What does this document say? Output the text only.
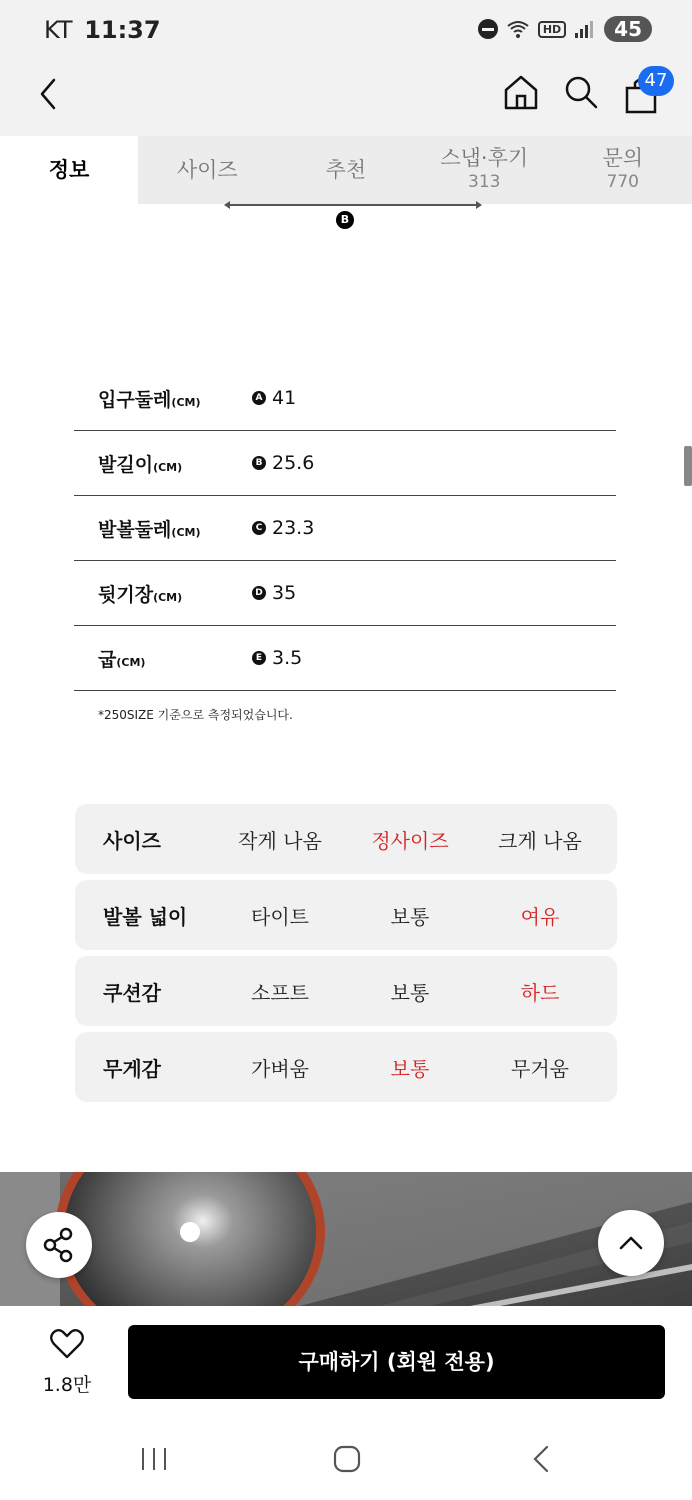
KT 11:37	HD	45
47
정보	사이즈	추천	스냅·후기
313
문의
770
B
입구둘레(CM)	A 41
발길이(CM)	B 25.6
발볼둘레(CM)	C 23.3
뒷기장(CM)	D 35
굽(CM)	E 3.5
*250SIZE 기준으로 측정되었습니다.
사이즈	작게 나옴	정사이즈	크게 나옴
발볼 넓이	타이트	보통	여유
쿠션감	소프트	보통	하드
무게감	가벼움	보통	무거움
1.8만
구매하기 (회원 전용)
